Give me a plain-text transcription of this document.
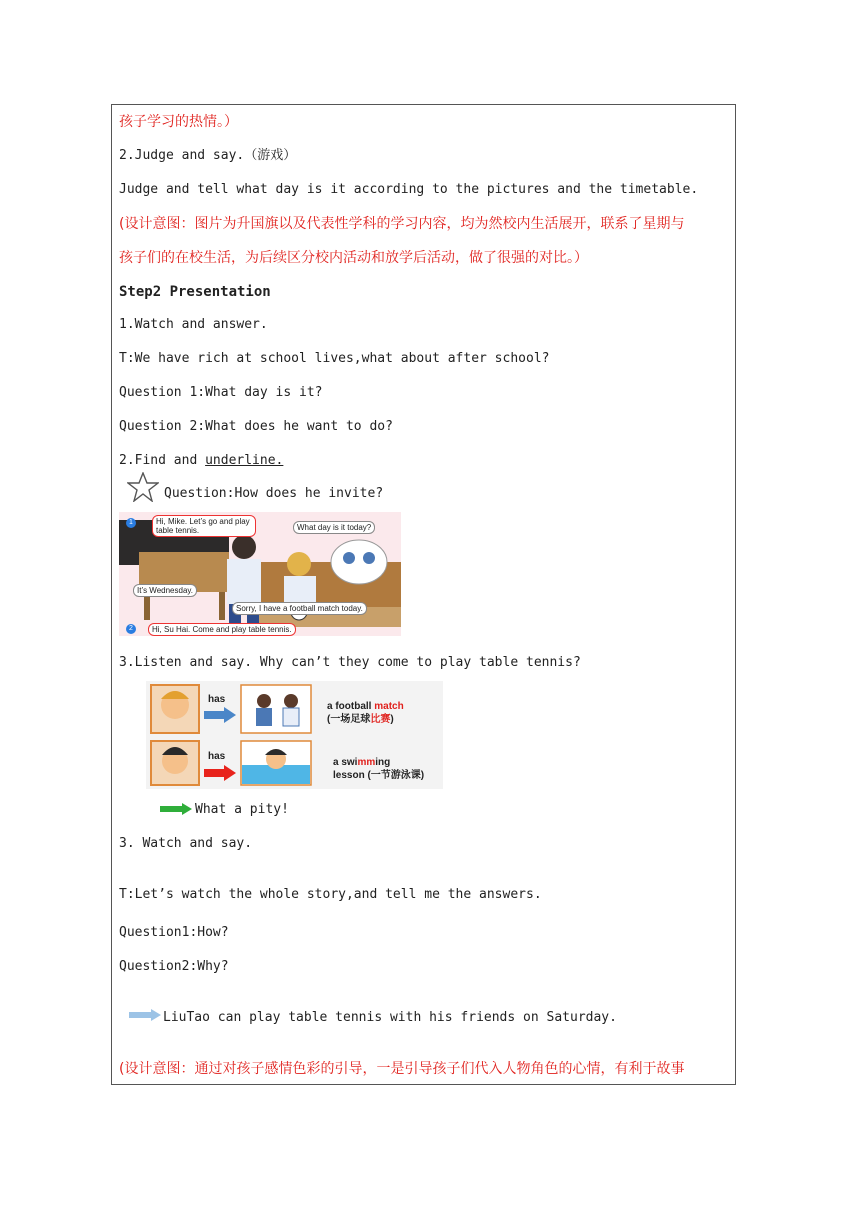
孩子学习的热情。）
2.Judge and say.（游戏）
Judge and tell what day is it according to the pictures and the timetable.
(设计意图：图片为升国旗以及代表性学科的学习内容，均为然校内生活展开，联系了星期与
孩子们的在校生活，为后续区分校内活动和放学后活动，做了很强的对比。）
Step2 Presentation
1.Watch and answer.
T:We have rich at school lives,what about after school?
Question 1:What day is it?
Question 2:What does he want to do?
2.Find and underline.
Question:How does he invite?
1	Hi, Mike. Let’s go and play table tennis.	What day is it today?
It’s Wednesday.
Sorry, I have a football match today.
2	Hi, Su Hai. Come and play table tennis.
3.Listen and say. Why can’t they come to play table tennis?
has
has
a football match
(一场足球比赛)
a swimming
lesson (一节游泳课)
What a pity!
3. Watch and say.
T:Let’s watch the whole story,and tell me the answers.
Question1:How?
Question2:Why?
LiuTao can play table tennis with his friends on Saturday.
(设计意图：通过对孩子感情色彩的引导，一是引导孩子们代入人物角色的心情，有利于故事
